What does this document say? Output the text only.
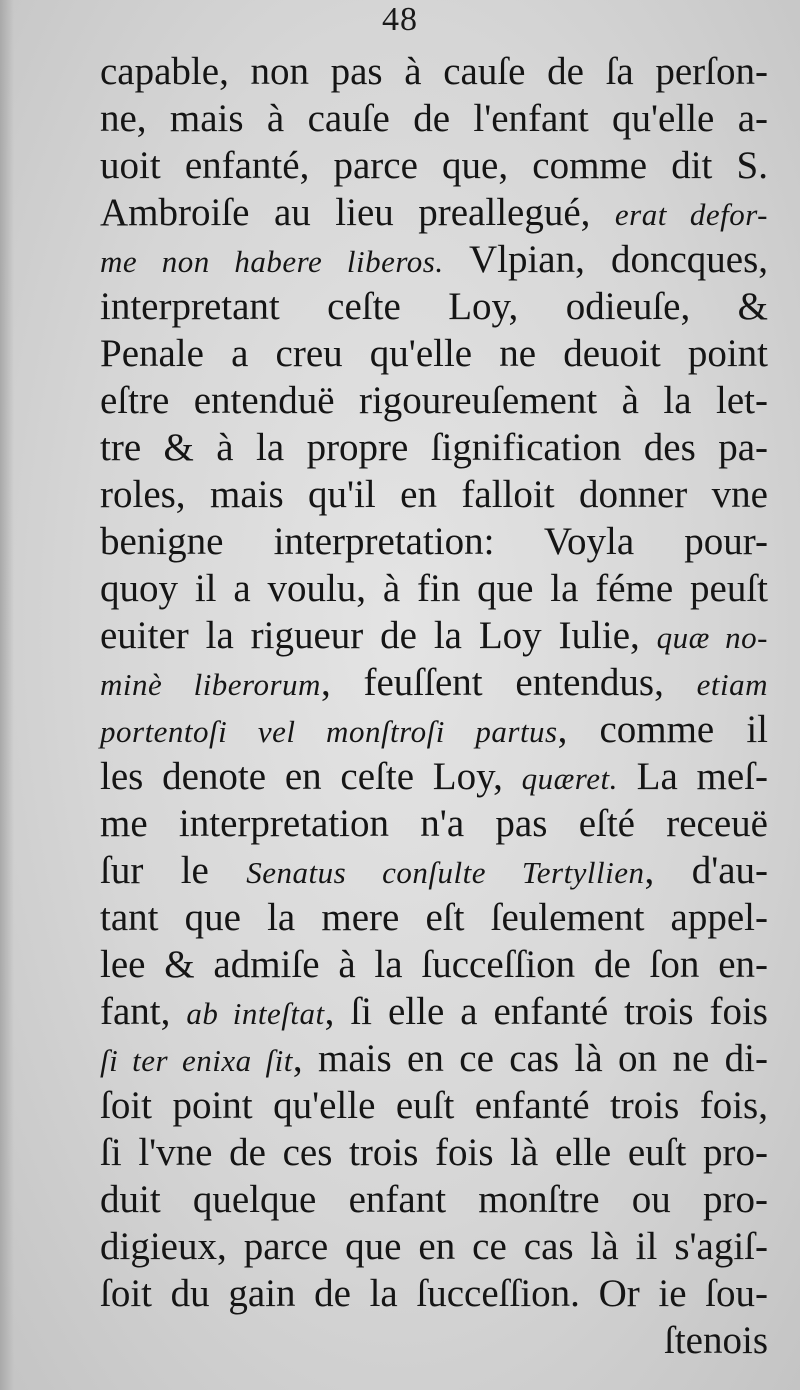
48
capable, non pas à cauſe de ſa perſon-
ne, mais à cauſe de l'enfant qu'elle a-
uoit enfanté, parce que, comme dit S.
Ambroiſe au lieu preallegué, erat defor-
me non habere liberos. Vlpian, doncques,
interpretant ceſte Loy, odieuſe, &
Penale a creu qu'elle ne deuoit point
eſtre entenduë rigoureuſement à la let-
tre & à la propre ſignification des pa-
roles, mais qu'il en falloit donner vne
benigne interpretation: Voyla pour-
quoy il a voulu, à fin que la féme peuſt
euiter la rigueur de la Loy Iulie, quæ no-
minè liberorum, feuſſent entendus, etiam
portentoſi vel monſtroſi partus, comme il
les denote en ceſte Loy, quæret. La meſ-
me interpretation n'a pas eſté receuë
ſur le Senatus conſulte Tertyllien, d'au-
tant que la mere eſt ſeulement appel-
lee & admiſe à la ſucceſſion de ſon en-
fant, ab inteſtat, ſi elle a enfanté trois fois
ſi ter enixa ſit, mais en ce cas là on ne di-
ſoit point qu'elle euſt enfanté trois fois,
ſi l'vne de ces trois fois là elle euſt pro-
duit quelque enfant monſtre ou pro-
digieux, parce que en ce cas là il s'agiſ-
ſoit du gain de la ſucceſſion. Or ie ſou-
ſtenois
